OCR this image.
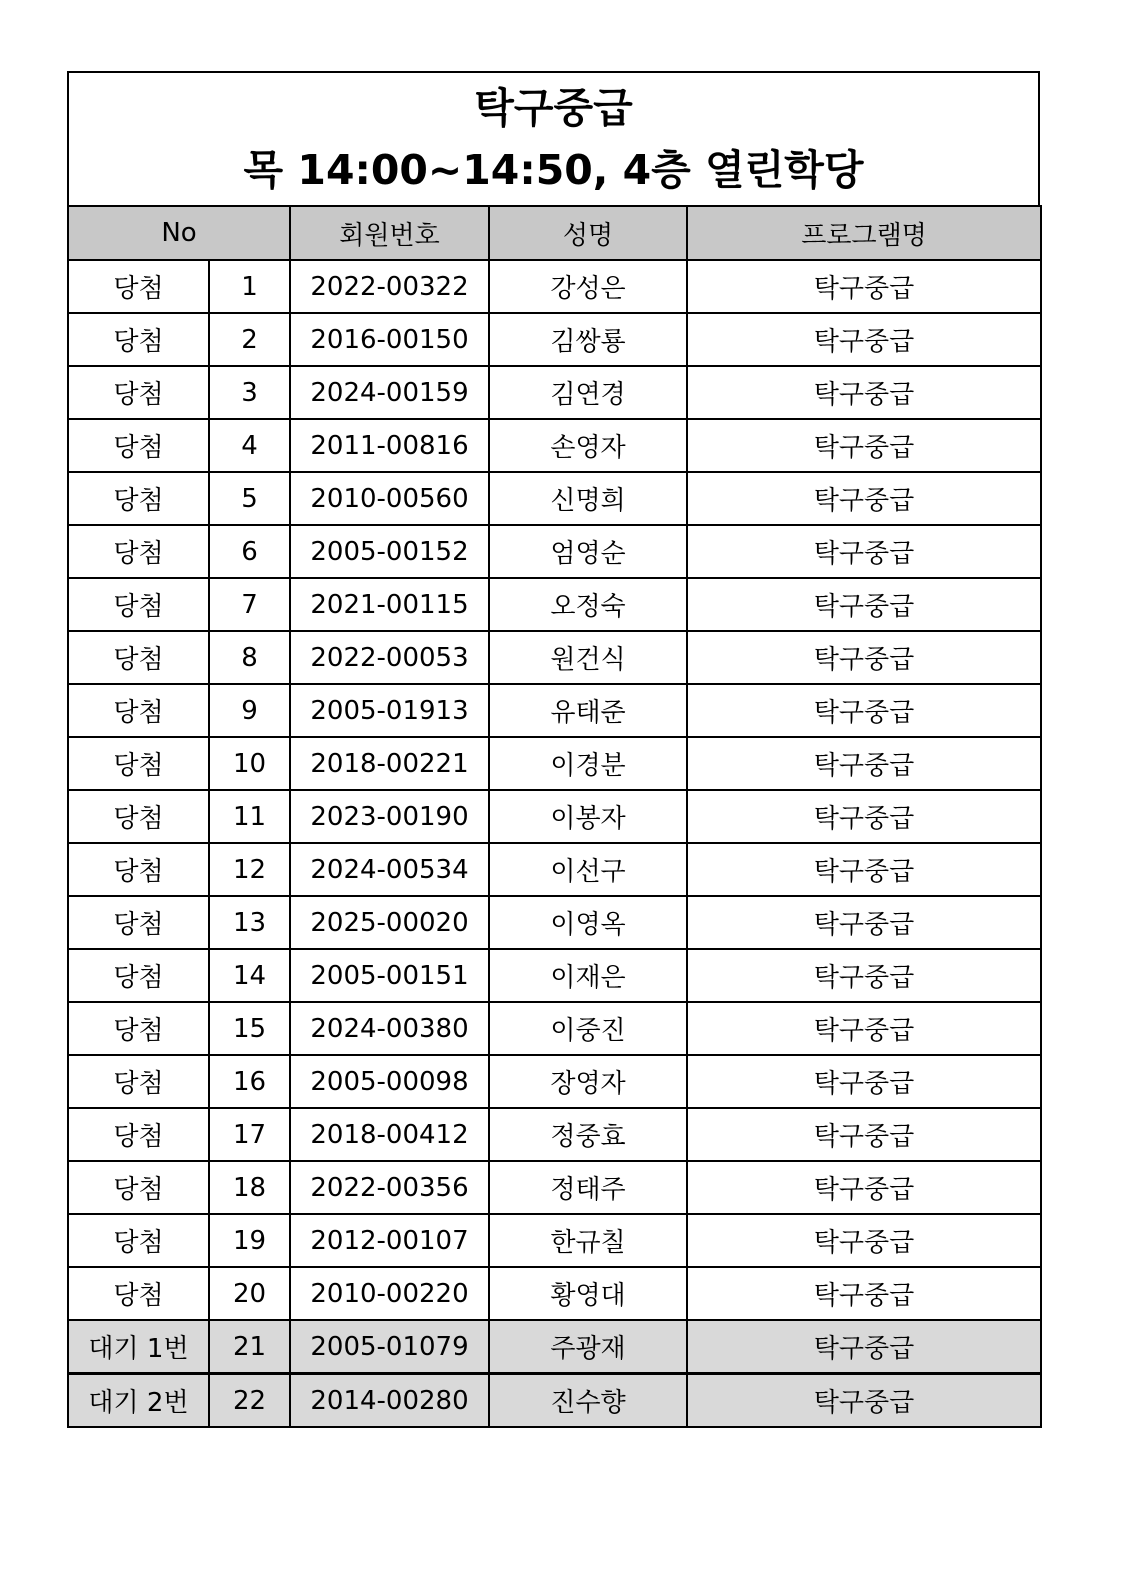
탁구중급
목 14:00~14:50, 4층 열린학당
No		회원번호	성명	프로그램명
당첨	1	2022-00322	강성은	탁구중급
당첨	2	2016-00150	김쌍룡	탁구중급
당첨	3	2024-00159	김연경	탁구중급
당첨	4	2011-00816	손영자	탁구중급
당첨	5	2010-00560	신명희	탁구중급
당첨	6	2005-00152	엄영순	탁구중급
당첨	7	2021-00115	오정숙	탁구중급
당첨	8	2022-00053	원건식	탁구중급
당첨	9	2005-01913	유태준	탁구중급
당첨	10	2018-00221	이경분	탁구중급
당첨	11	2023-00190	이봉자	탁구중급
당첨	12	2024-00534	이선구	탁구중급
당첨	13	2025-00020	이영옥	탁구중급
당첨	14	2005-00151	이재은	탁구중급
당첨	15	2024-00380	이중진	탁구중급
당첨	16	2005-00098	장영자	탁구중급
당첨	17	2018-00412	정중효	탁구중급
당첨	18	2022-00356	정태주	탁구중급
당첨	19	2012-00107	한규칠	탁구중급
당첨	20	2010-00220	황영대	탁구중급
대기 1번	21	2005-01079	주광재	탁구중급
대기 2번	22	2014-00280	진수향	탁구중급
